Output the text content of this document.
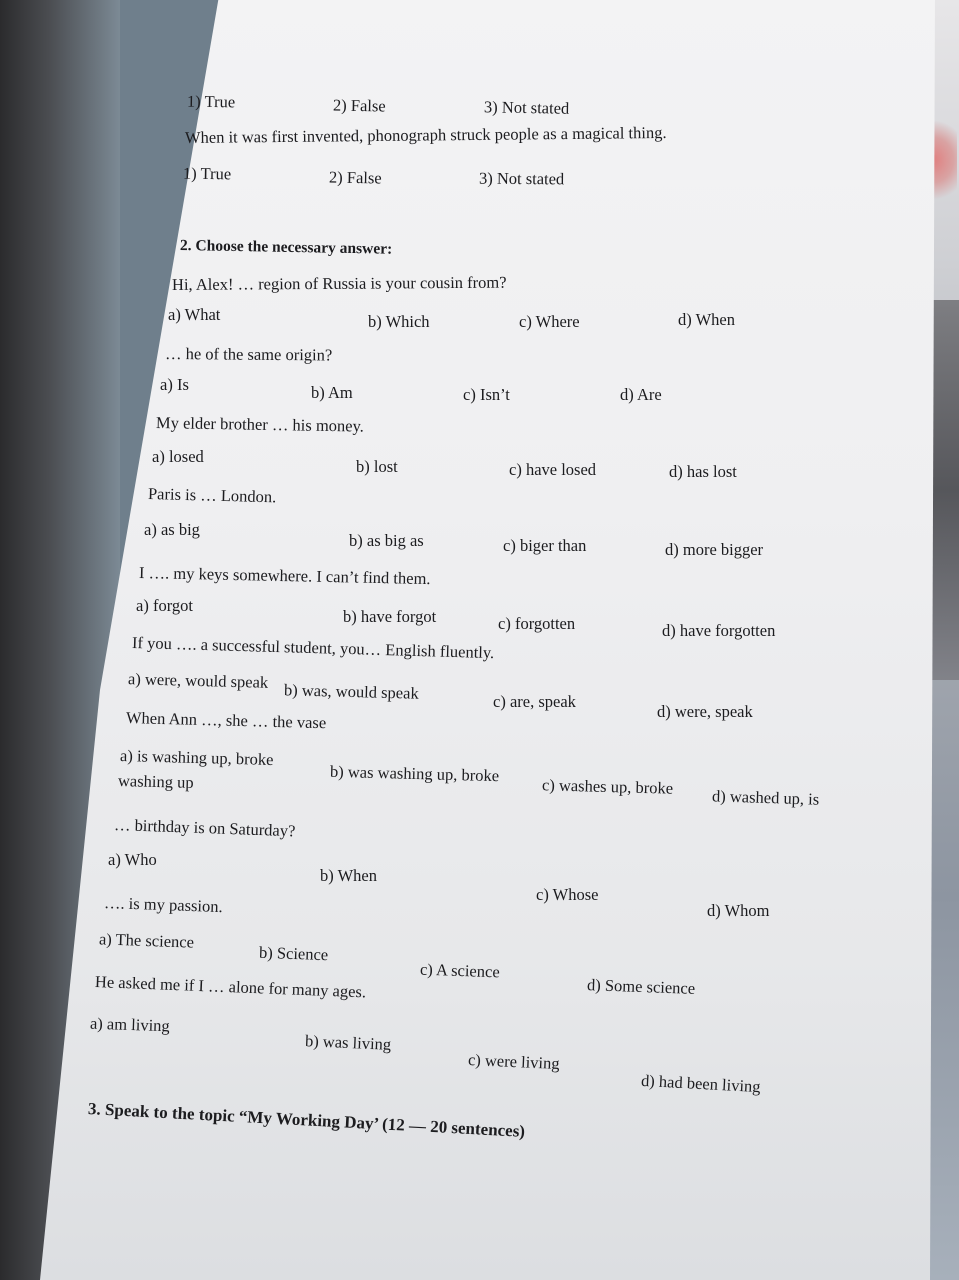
1) True	2) False	3) Not stated
When it was first invented, phonograph struck people as a magical thing.
1) True	2) False	3) Not stated
2. Choose the necessary answer:
Hi, Alex! … region of Russia is your cousin from?
a) What	b) Which	c) Where	d) When
… he of the same origin?
a) Is	b) Am	c) Isn’t	d) Are
My elder brother … his money.
a) losed
b) lost	c) have losed	d) has lost
Paris is … London.
a) as big
b) as big as	c) biger than	d) more bigger
I …. my keys somewhere. I can’t find them.
a) forgot
b) have forgot	c) forgotten	d) have forgotten
If you …. a successful student, you… English fluently.
a) were, would speak b) was, would speak	c) are, speak
d) were, speak
When Ann …, she … the vase
a) is washing up, broke
washing up	b) was washing up, broke
c) washes up, broke d) washed up, is
… birthday is on Saturday?
a) Who
b) When
c) Whose
d) Whom
…. is my passion.
a) The science
b) Science
c) A science
d) Some science
He asked me if I … alone for many ages.
a) am living
b) was living
c) were living
d) had been living
3. Speak to the topic “My Working Day’ (12 — 20 sentences)
